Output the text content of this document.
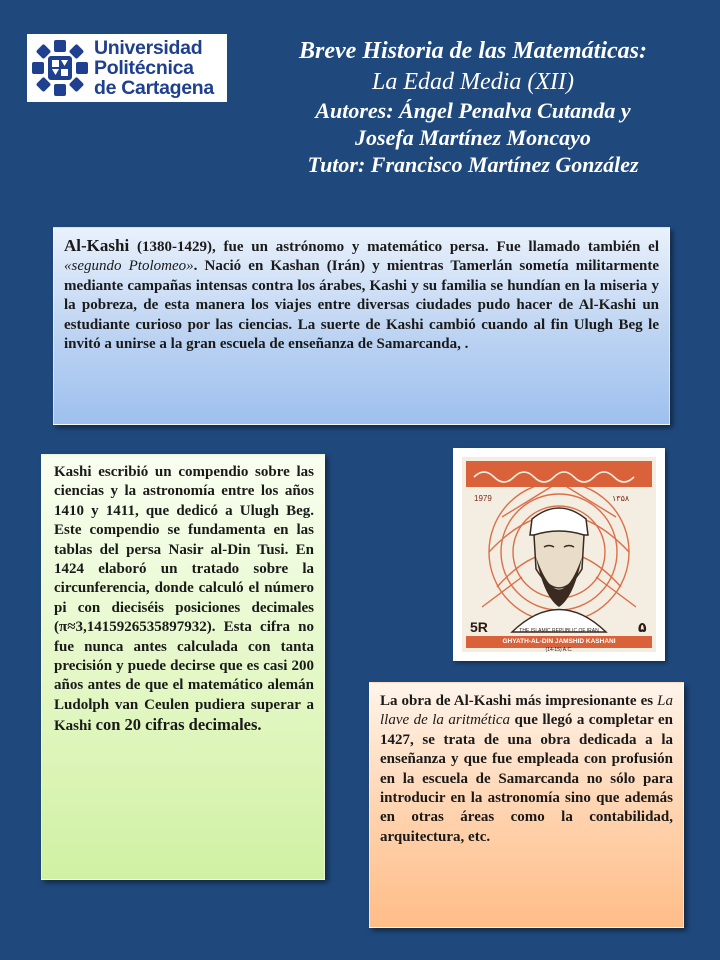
Universidad
Politécnica
de Cartagena
Breve Historia de las Matemáticas:
La Edad Media (XII)
Autores: Ángel Penalva Cutanda y
Josefa Martínez Moncayo
Tutor: Francisco Martínez González
Al-Kashi (1380-1429), fue un astrónomo y matemático persa. Fue llamado también el «segundo Ptolomeo». Nació en Kashan (Irán) y mientras Tamerlán sometía militarmente mediante campañas intensas contra los árabes, Kashi y su familia se hundían en la miseria y la pobreza, de esta manera los viajes entre diversas ciudades pudo hacer de Al-Kashi un estudiante curioso por las ciencias. La suerte de Kashi cambió cuando al fin Ulugh Beg le invitó a unirse a la gran escuela de enseñanza de Samarcanda, .
Kashi escribió un compendio sobre las ciencias y la astronomía entre los años 1410 y 1411, que dedicó a Ulugh Beg. Este compendio se fundamenta en las tablas del persa Nasir al-Din Tusi. En 1424 elaboró un tratado sobre la circunferencia, donde calculó el número pi con dieciséis posiciones decimales (π≈3,1415926535897932). Esta cifra no fue nunca antes calculada con tanta precisión y puede decirse que es casi 200 años antes de que el matemático alemán Ludolph van Ceulen pudiera superar a Kashi con 20 cifras decimales.
1979	۱۳۵۸
5R	۵
THE ISLAMIC REPUBLIC OF IRAN
GHYATH-AL-DIN JAMSHID KASHANI
(14-15) A.C.
La obra de Al-Kashi más impresionante es La llave de la aritmética que llegó a completar en 1427, se trata de una obra dedicada a la enseñanza y que fue empleada con profusión en la escuela de Samarcanda no sólo para introducir en la astronomía sino que además en otras áreas como la contabilidad, arquitectura, etc.
